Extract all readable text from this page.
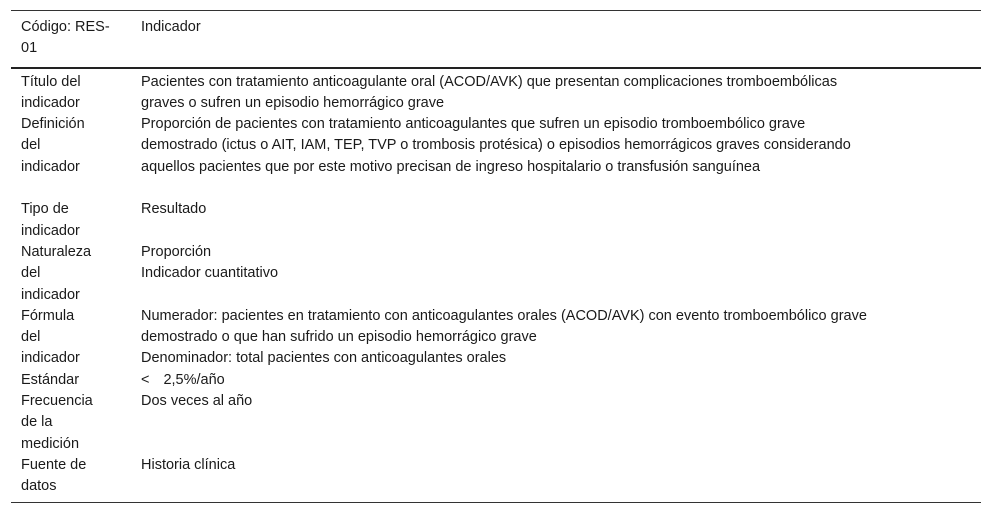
Código: RES-
01
Indicador
Título del
indicador
Pacientes con tratamiento anticoagulante oral (ACOD/AVK) que presentan complicaciones tromboembólicas
graves o sufren un episodio hemorrágico grave
Definición
del
indicador
Proporción de pacientes con tratamiento anticoagulantes que sufren un episodio tromboembólico grave
demostrado (ictus o AIT, IAM, TEP, TVP o trombosis protésica) o episodios hemorrágicos graves considerando
aquellos pacientes que por este motivo precisan de ingreso hospitalario o transfusión sanguínea
Tipo de
indicador
Resultado
Naturaleza
del
indicador
Proporción
Indicador cuantitativo
Fórmula
del
indicador
Numerador: pacientes en tratamiento con anticoagulantes orales (ACOD/AVK) con evento tromboembólico grave
demostrado o que han sufrido un episodio hemorrágico grave
Denominador: total pacientes con anticoagulantes orales
Estándar	< 2,5%/año
Frecuencia
de la
medición
Dos veces al año
Fuente de
datos
Historia clínica
